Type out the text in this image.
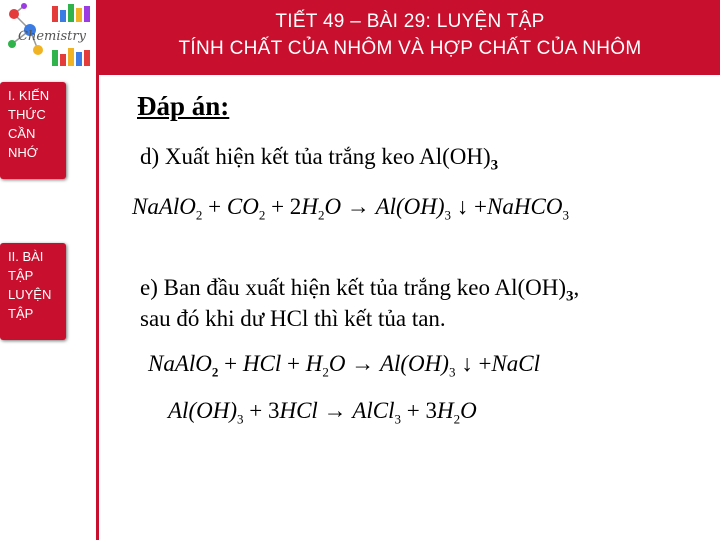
Chemistry
TIẾT 49 – BÀI 29: LUYỆN TẬP
TÍNH CHẤT CỦA NHÔM VÀ HỢP CHẤT CỦA NHÔM
I. KIẾN THỨC CẦN NHỚ
II. BÀI TẬP LUYỆN TẬP
Đáp án:
d) Xuất hiện kết tủa trắng keo $Al(OH)_3$
NaAlO$_2$ + $CO_2 + 2H_2O \to Al(OH)_3$ ↓ +NaHCO$_3$
e) Ban đầu xuất hiện kết tủa trắng keo $Al(OH)_3$,
sau đó khi dư HCl thì kết tủa tan.
NaAlO$_2$ + HCl + $H_2O \to Al(OH)_3$ ↓ +NaCl
$Al(OH)_3 + 3HCl$ → AlCl$_3$ + $3H_2O$
